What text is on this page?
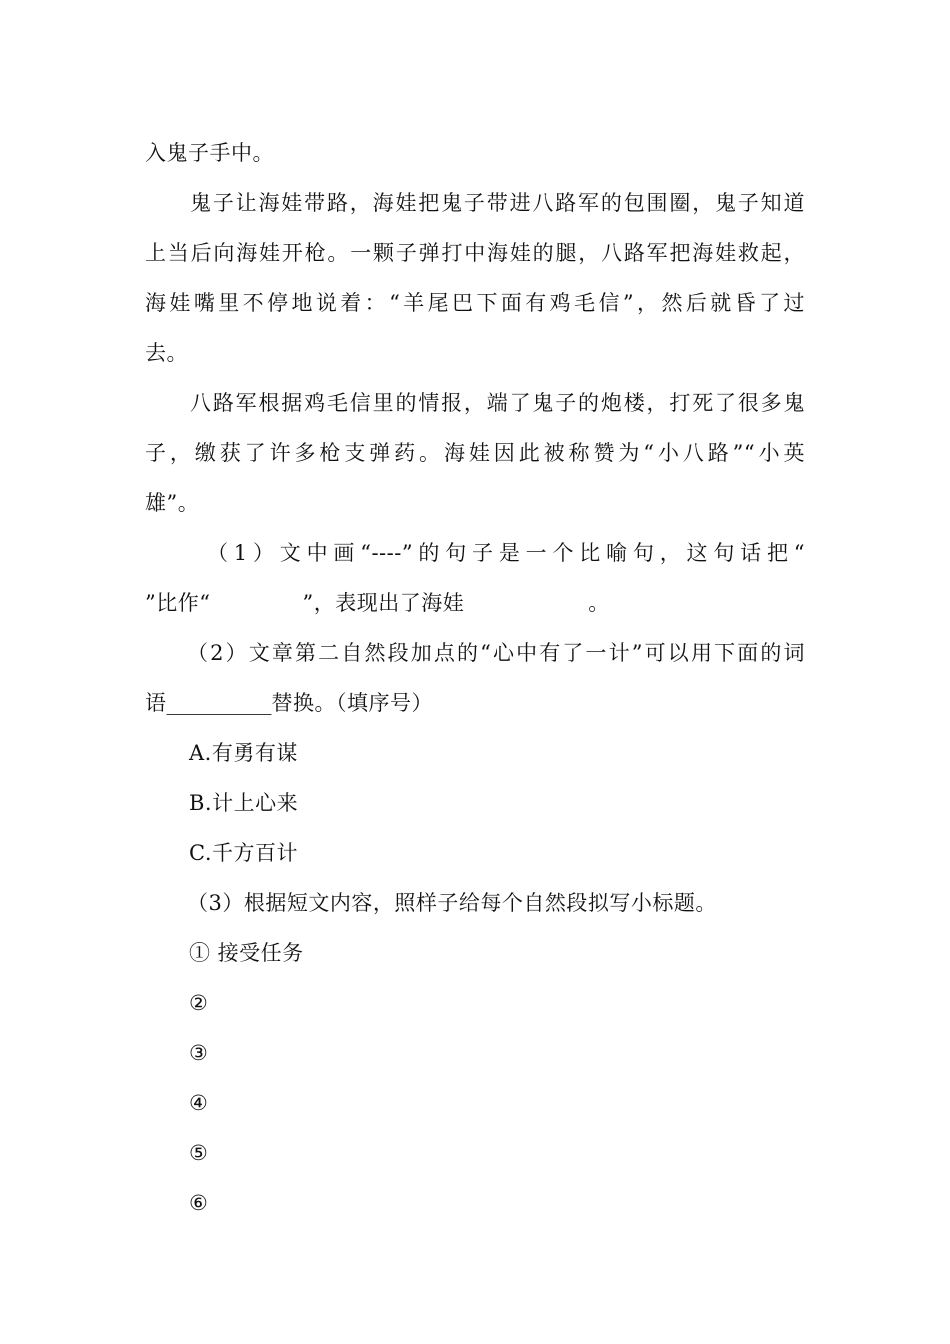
入鬼子手中。
鬼子让海娃带路，海娃把鬼子带进八路军的包围圈，鬼子知道
上当后向海娃开枪。一颗子弹打中海娃的腿，八路军把海娃救起，
海娃嘴里不停地说着：“羊尾巴下面有鸡毛信”，然后就昏了过
去。
八路军根据鸡毛信里的情报，端了鬼子的炮楼，打死了很多鬼
子，缴获了许多枪支弹药。海娃因此被称赞为“小八路”“小英
雄”。
（1）文中画“----”的句子是一个比喻句，这句话把“
”比作“	”，表现出了海娃	。
（2）文章第二自然段加点的“心中有了一计”可以用下面的词
语__________替换。（填序号）
A.有勇有谋
B.计上心来
C.千方百计
（3）根据短文内容，照样子给每个自然段拟写小标题。
① 接受任务
②
③
④
⑤
⑥
